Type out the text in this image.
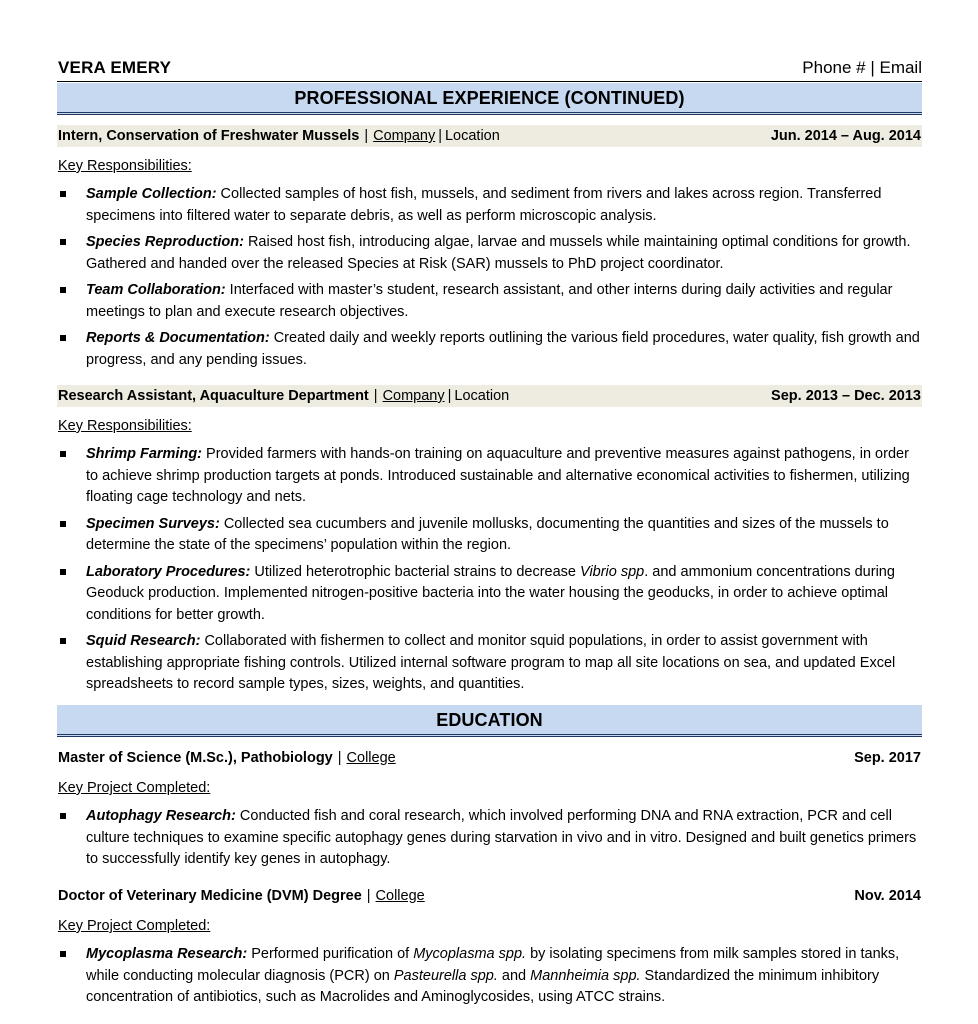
VERA EMERY	Phone # | Email
PROFESSIONAL EXPERIENCE (CONTINUED)
Intern, Conservation of Freshwater Mussels | Company | Location	Jun. 2014 – Aug. 2014
Key Responsibilities:
Sample Collection: Collected samples of host fish, mussels, and sediment from rivers and lakes across region. Transferred specimens into filtered water to separate debris, as well as perform microscopic analysis.
Species Reproduction: Raised host fish, introducing algae, larvae and mussels while maintaining optimal conditions for growth. Gathered and handed over the released Species at Risk (SAR) mussels to PhD project coordinator.
Team Collaboration: Interfaced with master’s student, research assistant, and other interns during daily activities and regular meetings to plan and execute research objectives.
Reports & Documentation: Created daily and weekly reports outlining the various field procedures, water quality, fish growth and progress, and any pending issues.
Research Assistant, Aquaculture Department | Company | Location	Sep. 2013 – Dec. 2013
Key Responsibilities:
Shrimp Farming: Provided farmers with hands-on training on aquaculture and preventive measures against pathogens, in order to achieve shrimp production targets at ponds. Introduced sustainable and alternative economical activities to fishermen, utilizing floating cage technology and nets.
Specimen Surveys: Collected sea cucumbers and juvenile mollusks, documenting the quantities and sizes of the mussels to determine the state of the specimens’ population within the region.
Laboratory Procedures: Utilized heterotrophic bacterial strains to decrease Vibrio spp. and ammonium concentrations during Geoduck production. Implemented nitrogen-positive bacteria into the water housing the geoducks, in order to achieve optimal conditions for better growth.
Squid Research: Collaborated with fishermen to collect and monitor squid populations, in order to assist government with establishing appropriate fishing controls. Utilized internal software program to map all site locations on sea, and updated Excel spreadsheets to record sample types, sizes, weights, and quantities.
EDUCATION
Master of Science (M.Sc.), Pathobiology | College	Sep. 2017
Key Project Completed:
Autophagy Research: Conducted fish and coral research, which involved performing DNA and RNA extraction, PCR and cell culture techniques to examine specific autophagy genes during starvation in vivo and in vitro. Designed and built genetics primers to successfully identify key genes in autophagy.
Doctor of Veterinary Medicine (DVM) Degree | College	Nov. 2014
Key Project Completed:
Mycoplasma Research: Performed purification of Mycoplasma spp. by isolating specimens from milk samples stored in tanks, while conducting molecular diagnosis (PCR) on Pasteurella spp. and Mannheimia spp. Standardized the minimum inhibitory concentration of antibiotics, such as Macrolides and Aminoglycosides, using ATCC strains.
